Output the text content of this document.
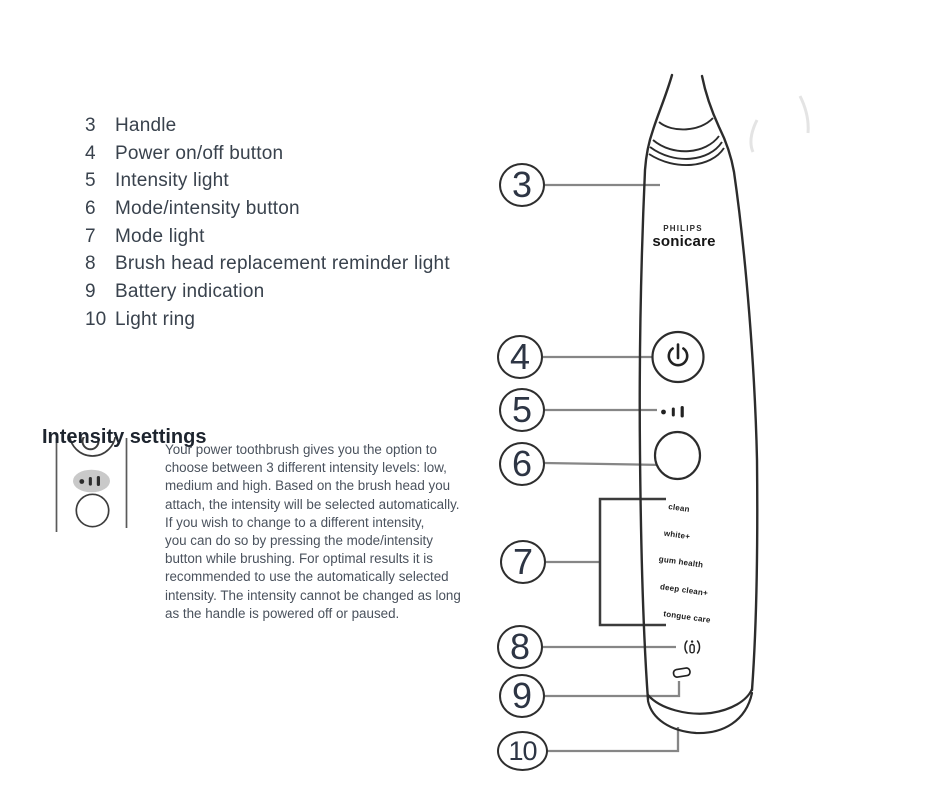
3	Handle
4	Power on/off button
5	Intensity light
6	Mode/intensity button
7	Mode light
8	Brush head replacement reminder light
9	Battery indication
10 Light ring
Intensity settings
Your power toothbrush gives you the option to
choose between 3 different intensity levels: low,
medium and high. Based on the brush head you
attach, the intensity will be selected automatically.
If you wish to change to a different intensity,
you can do so by pressing the mode/intensity
button while brushing. For optimal results it is
recommended to use the automatically selected
intensity. The intensity cannot be changed as long
as the handle is powered off or paused.
PHILIPS
sonicare
clean
white+
gum health
deep clean+
tongue care
3
4
5
6
7
8
9
10
